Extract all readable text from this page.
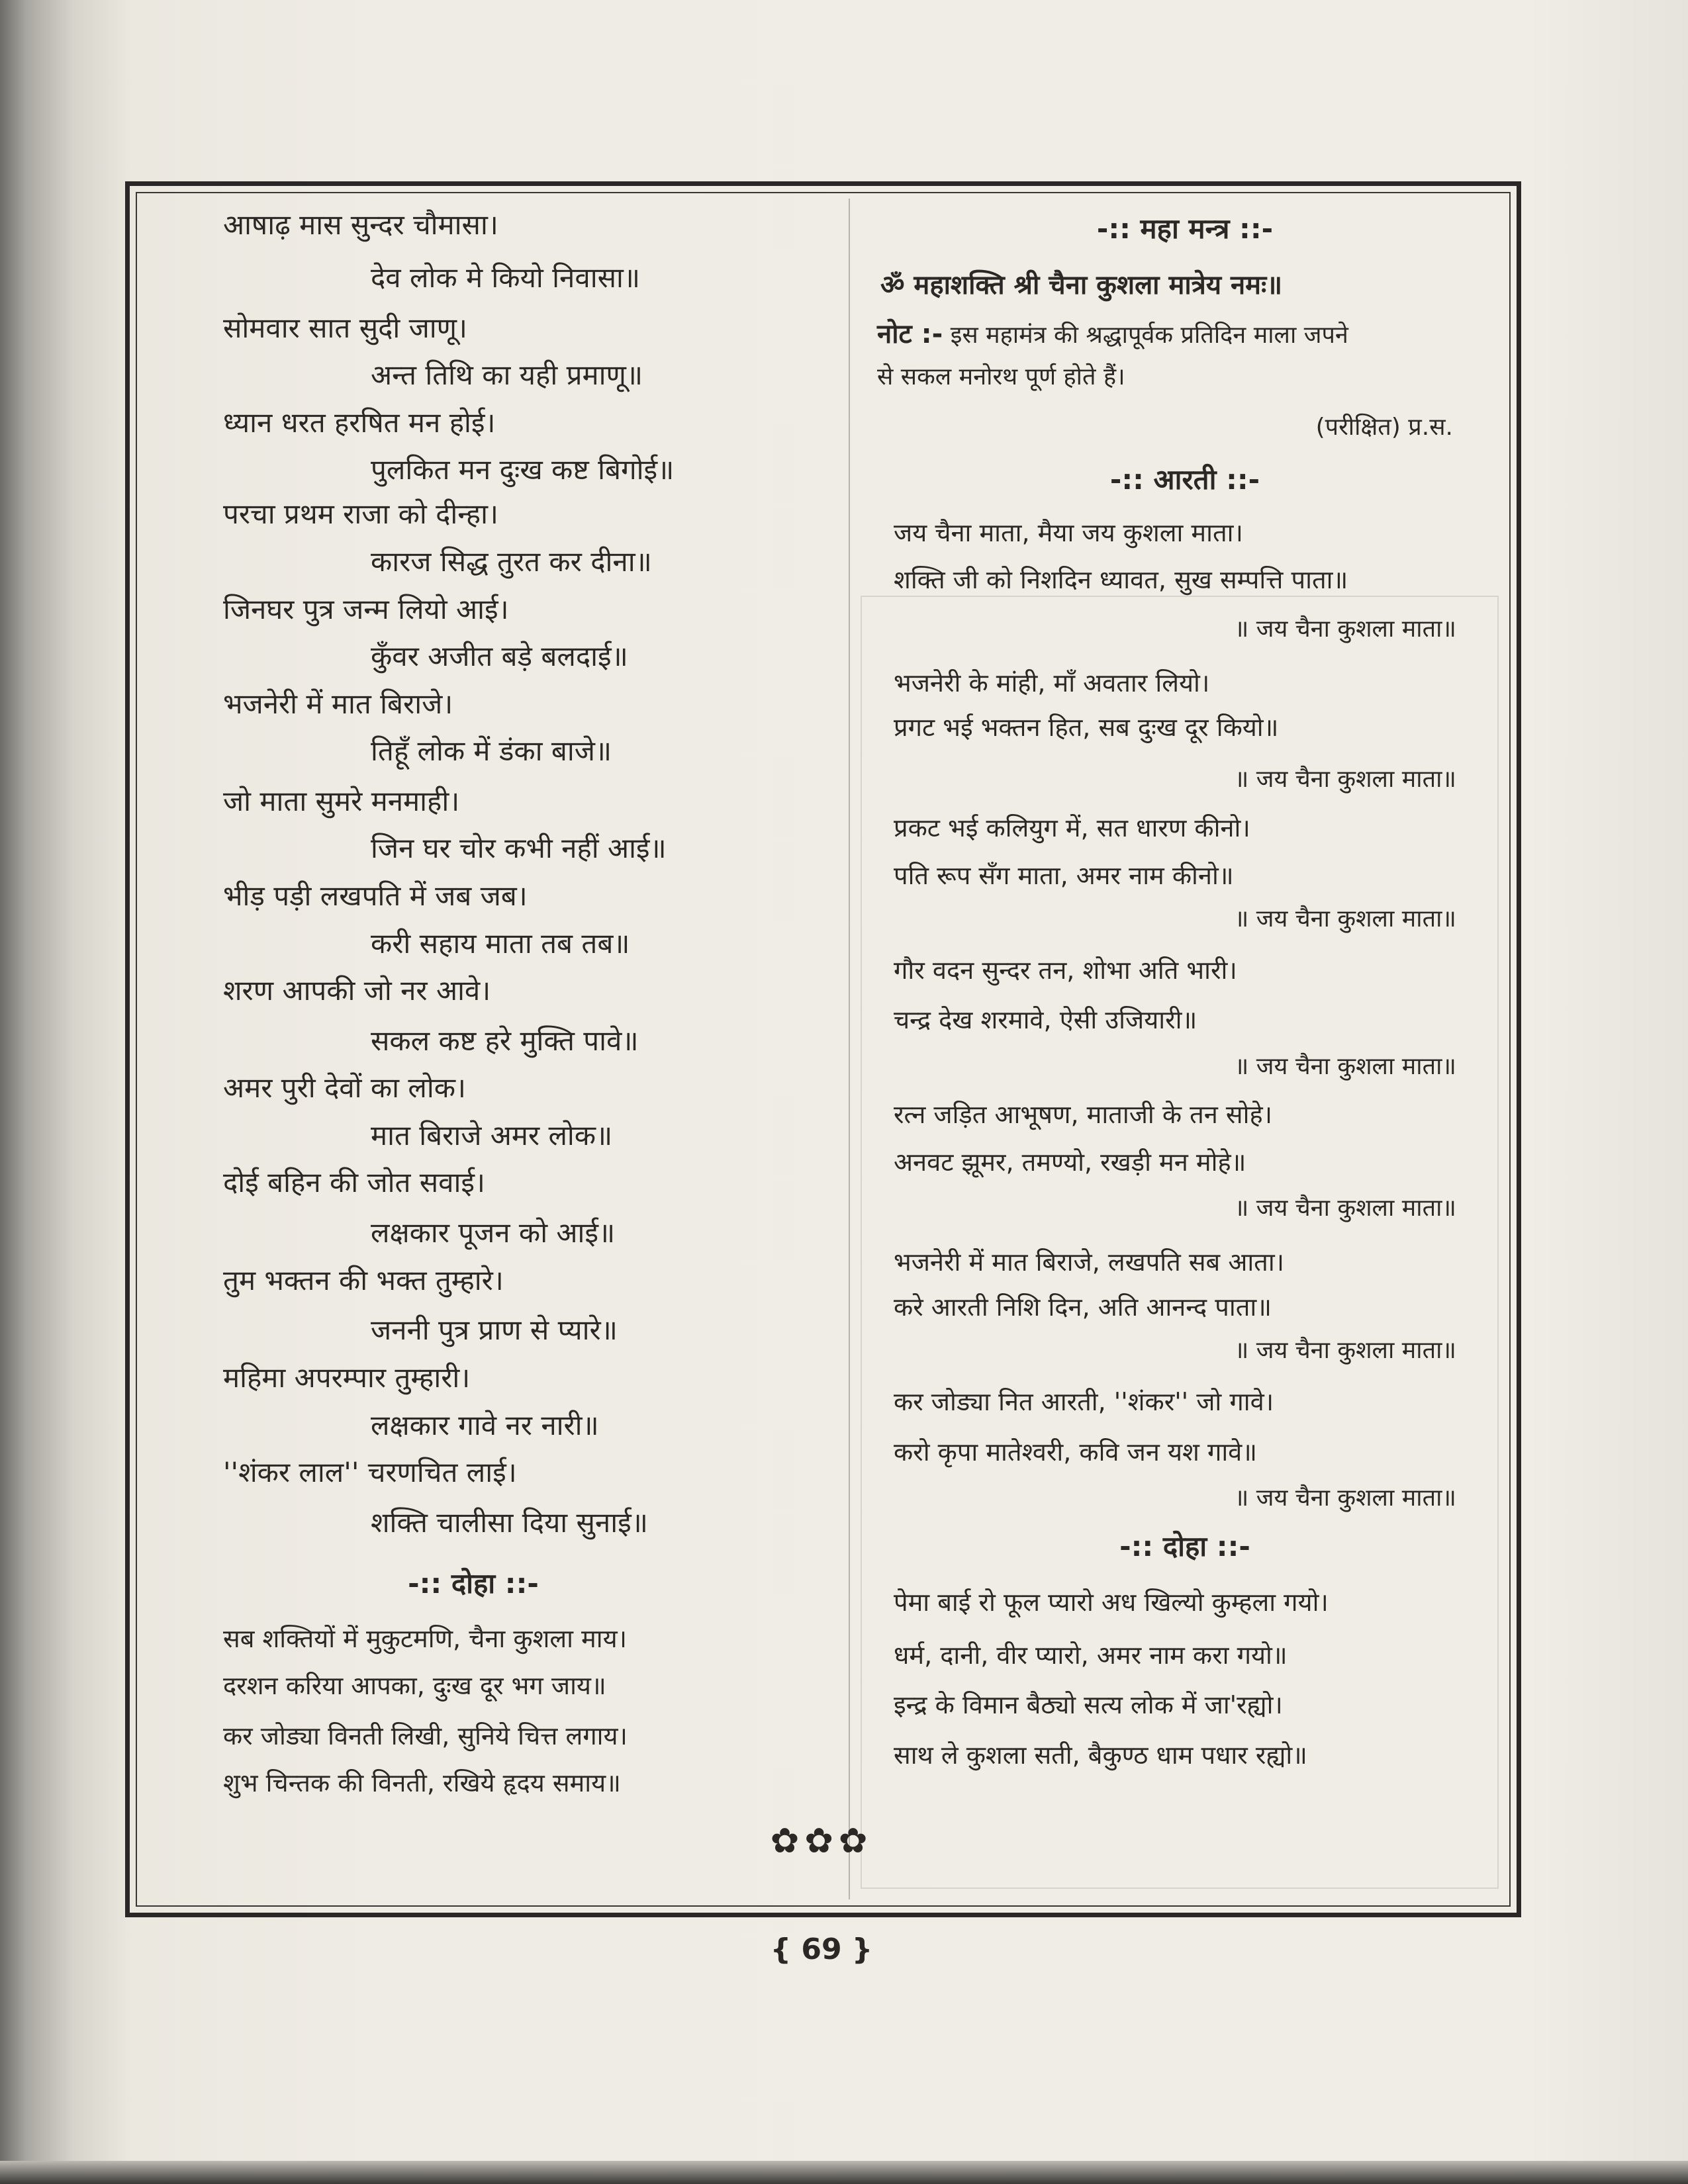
आषाढ़ मास सुन्दर चौमासा।
देव लोक मे कियो निवासा॥
सोमवार सात सुदी जाणू।
अन्त तिथि का यही प्रमाणू॥
ध्यान धरत हरषित मन होई।
पुलकित मन दुःख कष्ट बिगोई॥
परचा प्रथम राजा को दीन्हा।
कारज सिद्ध तुरत कर दीना॥
जिनघर पुत्र जन्म लियो आई।
कुँवर अजीत बड़े बलदाई॥
भजनेरी में मात बिराजे।
तिहूँ लोक में डंका बाजे॥
जो माता सुमरे मनमाही।
जिन घर चोर कभी नहीं आई॥
भीड़ पड़ी लखपति में जब जब।
करी सहाय माता तब तब॥
शरण आपकी जो नर आवे।
सकल कष्ट हरे मुक्ति पावे॥
अमर पुरी देवों का लोक।
मात बिराजे अमर लोक॥
दोई बहिन की जोत सवाई।
लक्षकार पूजन को आई॥
तुम भक्तन की भक्त तुम्हारे।
जननी पुत्र प्राण से प्यारे॥
महिमा अपरम्पार तुम्हारी।
लक्षकार गावे नर नारी॥
''शंकर लाल'' चरणचित लाई।
शक्ति चालीसा दिया सुनाई॥
-:: दोहा ::-
सब शक्तियों में मुकुटमणि, चैना कुशला माय।
दरशन करिया आपका, दुःख दूर भग जाय॥
कर जोड्या विनती लिखी, सुनिये चित्त लगाय।
शुभ चिन्तक की विनती, रखिये हृदय समाय॥
✿✿✿
-:: महा मन्त्र ::-
ॐ महाशक्ति श्री चैना कुशला मात्रेय नमः॥
नोट :- इस महामंत्र की श्रद्धापूर्वक प्रतिदिन माला जपने
से सकल मनोरथ पूर्ण होते हैं।
(परीक्षित) प्र.स.
-:: आरती ::-
जय चैना माता, मैया जय कुशला माता।
शक्ति जी को निशदिन ध्यावत, सुख सम्पत्ति पाता॥
॥ जय चैना कुशला माता॥
भजनेरी के मांही, माँ अवतार लियो।
प्रगट भई भक्तन हित, सब दुःख दूर कियो॥
॥ जय चैना कुशला माता॥
प्रकट भई कलियुग में, सत धारण कीनो।
पति रूप सँग माता, अमर नाम कीनो॥
॥ जय चैना कुशला माता॥
गौर वदन सुन्दर तन, शोभा अति भारी।
चन्द्र देख शरमावे, ऐसी उजियारी॥
॥ जय चैना कुशला माता॥
रत्न जड़ित आभूषण, माताजी के तन सोहे।
अनवट झूमर, तमण्यो, रखड़ी मन मोहे॥
॥ जय चैना कुशला माता॥
भजनेरी में मात बिराजे, लखपति सब आता।
करे आरती निशि दिन, अति आनन्द पाता॥
॥ जय चैना कुशला माता॥
कर जोड्या नित आरती, ''शंकर'' जो गावे।
करो कृपा मातेश्वरी, कवि जन यश गावे॥
॥ जय चैना कुशला माता॥
-:: दोहा ::-
पेमा बाई रो फूल प्यारो अध खिल्यो कुम्हला गयो।
धर्म, दानी, वीर प्यारो, अमर नाम करा गयो॥
इन्द्र के विमान बैठ्यो सत्य लोक में जा'रह्यो।
साथ ले कुशला सती, बैकुण्ठ धाम पधार रह्यो॥
{ 69 }
